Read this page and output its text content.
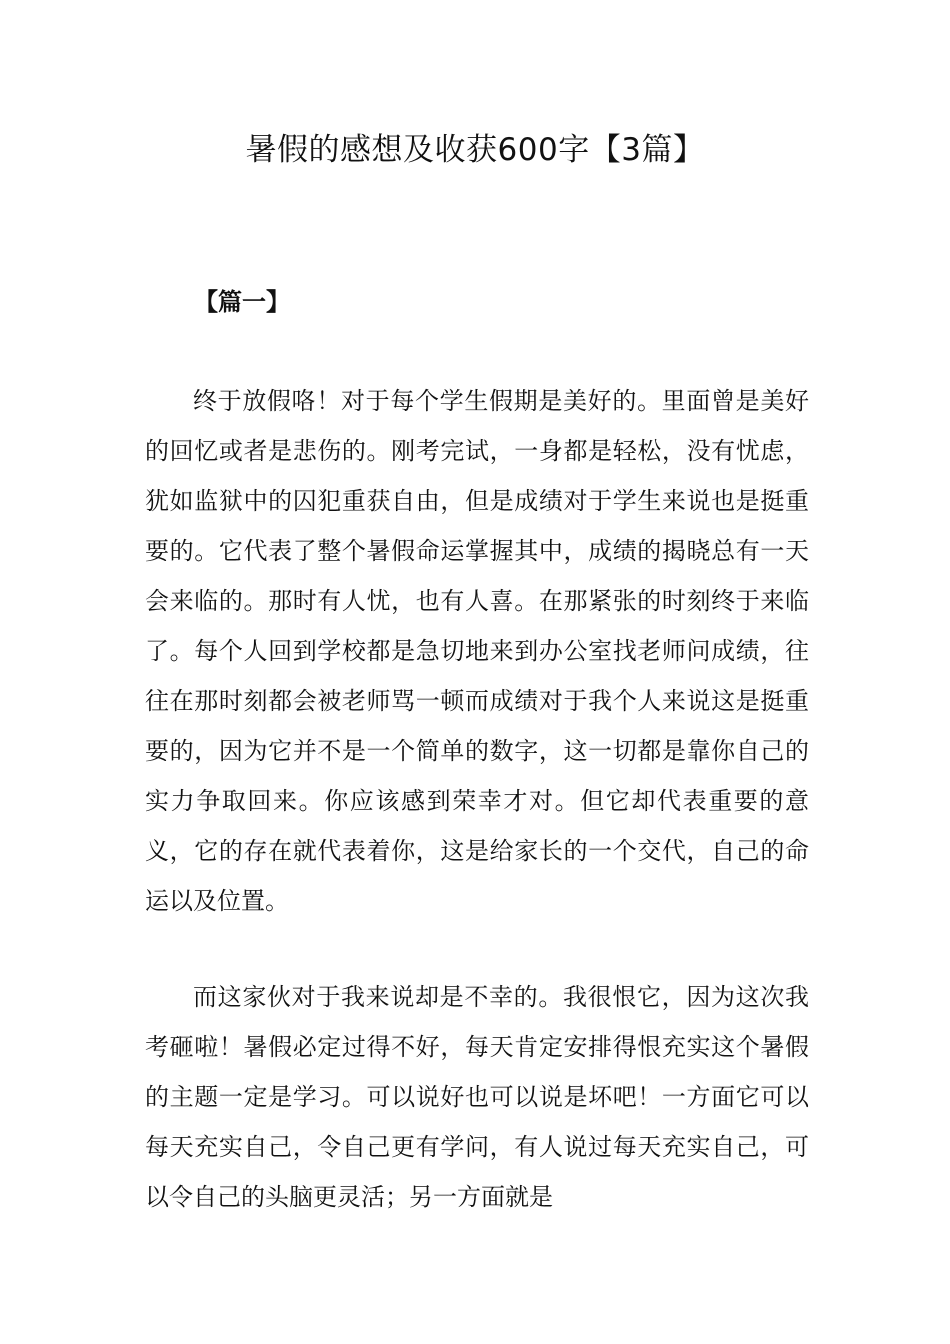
暑假的感想及收获600字【3篇】
【篇一】

终于放假咯！对于每个学生假期是美好的。里面曾是美好的回忆或者是悲伤的。刚考完试，一身都是轻松，没有忧虑，犹如监狱中的囚犯重获自由，但是成绩对于学生来说也是挺重要的。它代表了整个暑假命运掌握其中，成绩的揭晓总有一天会来临的。那时有人忧，也有人喜。在那紧张的时刻终于来临了。每个人回到学校都是急切地来到办公室找老师问成绩，往往在那时刻都会被老师骂一顿而成绩对于我个人来说这是挺重要的，因为它并不是一个简单的数字，这一切都是靠你自己的实力争取回来。你应该感到荣幸才对。但它却代表重要的意义，它的存在就代表着你，这是给家长的一个交代，自己的命运以及位置。

而这家伙对于我来说却是不幸的。我很恨它，因为这次我考砸啦！暑假必定过得不好，每天肯定安排得恨充实这个暑假的主题一定是学习。可以说好也可以说是坏吧！一方面它可以每天充实自己，令自己更有学问，有人说过每天充实自己，可以令自己的头脑更灵活；另一方面就是
